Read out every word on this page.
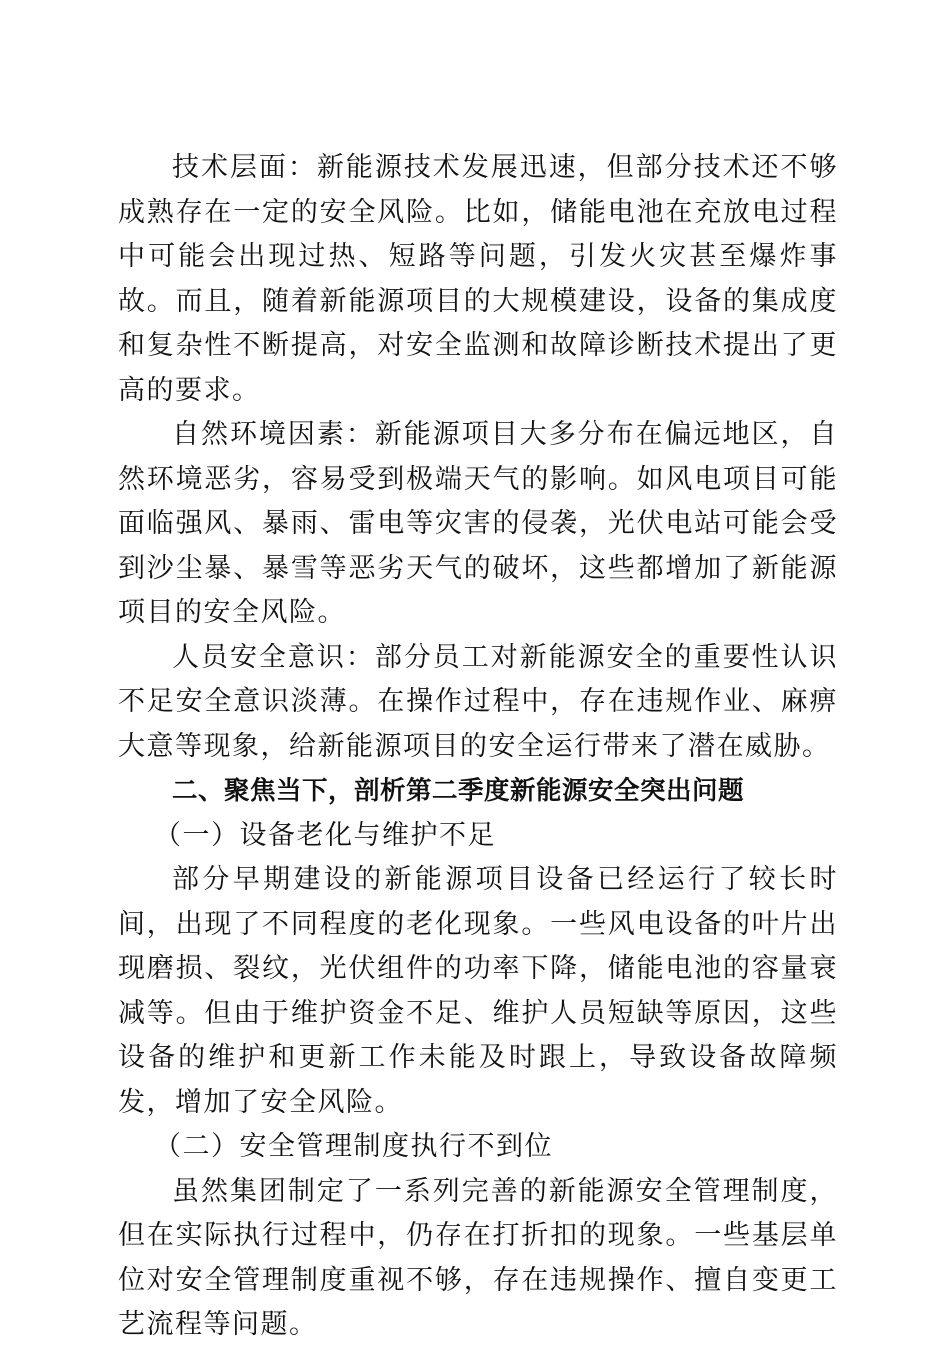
技术层面：新能源技术发展迅速，但部分技术还不够成熟存在一定的安全风险。比如，储能电池在充放电过程中可能会出现过热、短路等问题，引发火灾甚至爆炸事故。而且，随着新能源项目的大规模建设，设备的集成度和复杂性不断提高，对安全监测和故障诊断技术提出了更高的要求。

自然环境因素：新能源项目大多分布在偏远地区，自然环境恶劣，容易受到极端天气的影响。如风电项目可能面临强风、暴雨、雷电等灾害的侵袭，光伏电站可能会受到沙尘暴、暴雪等恶劣天气的破坏，这些都增加了新能源项目的安全风险。

人员安全意识：部分员工对新能源安全的重要性认识不足安全意识淡薄。在操作过程中，存在违规作业、麻痹大意等现象，给新能源项目的安全运行带来了潜在威胁。

二、聚焦当下，剖析第二季度新能源安全突出问题

（一）设备老化与维护不足

部分早期建设的新能源项目设备已经运行了较长时间，出现了不同程度的老化现象。一些风电设备的叶片出现磨损、裂纹，光伏组件的功率下降，储能电池的容量衰减等。但由于维护资金不足、维护人员短缺等原因，这些设备的维护和更新工作未能及时跟上，导致设备故障频发，增加了安全风险。

（二）安全管理制度执行不到位

虽然集团制定了一系列完善的新能源安全管理制度，但在实际执行过程中，仍存在打折扣的现象。一些基层单位对安全管理制度重视不够，存在违规操作、擅自变更工艺流程等问题。
